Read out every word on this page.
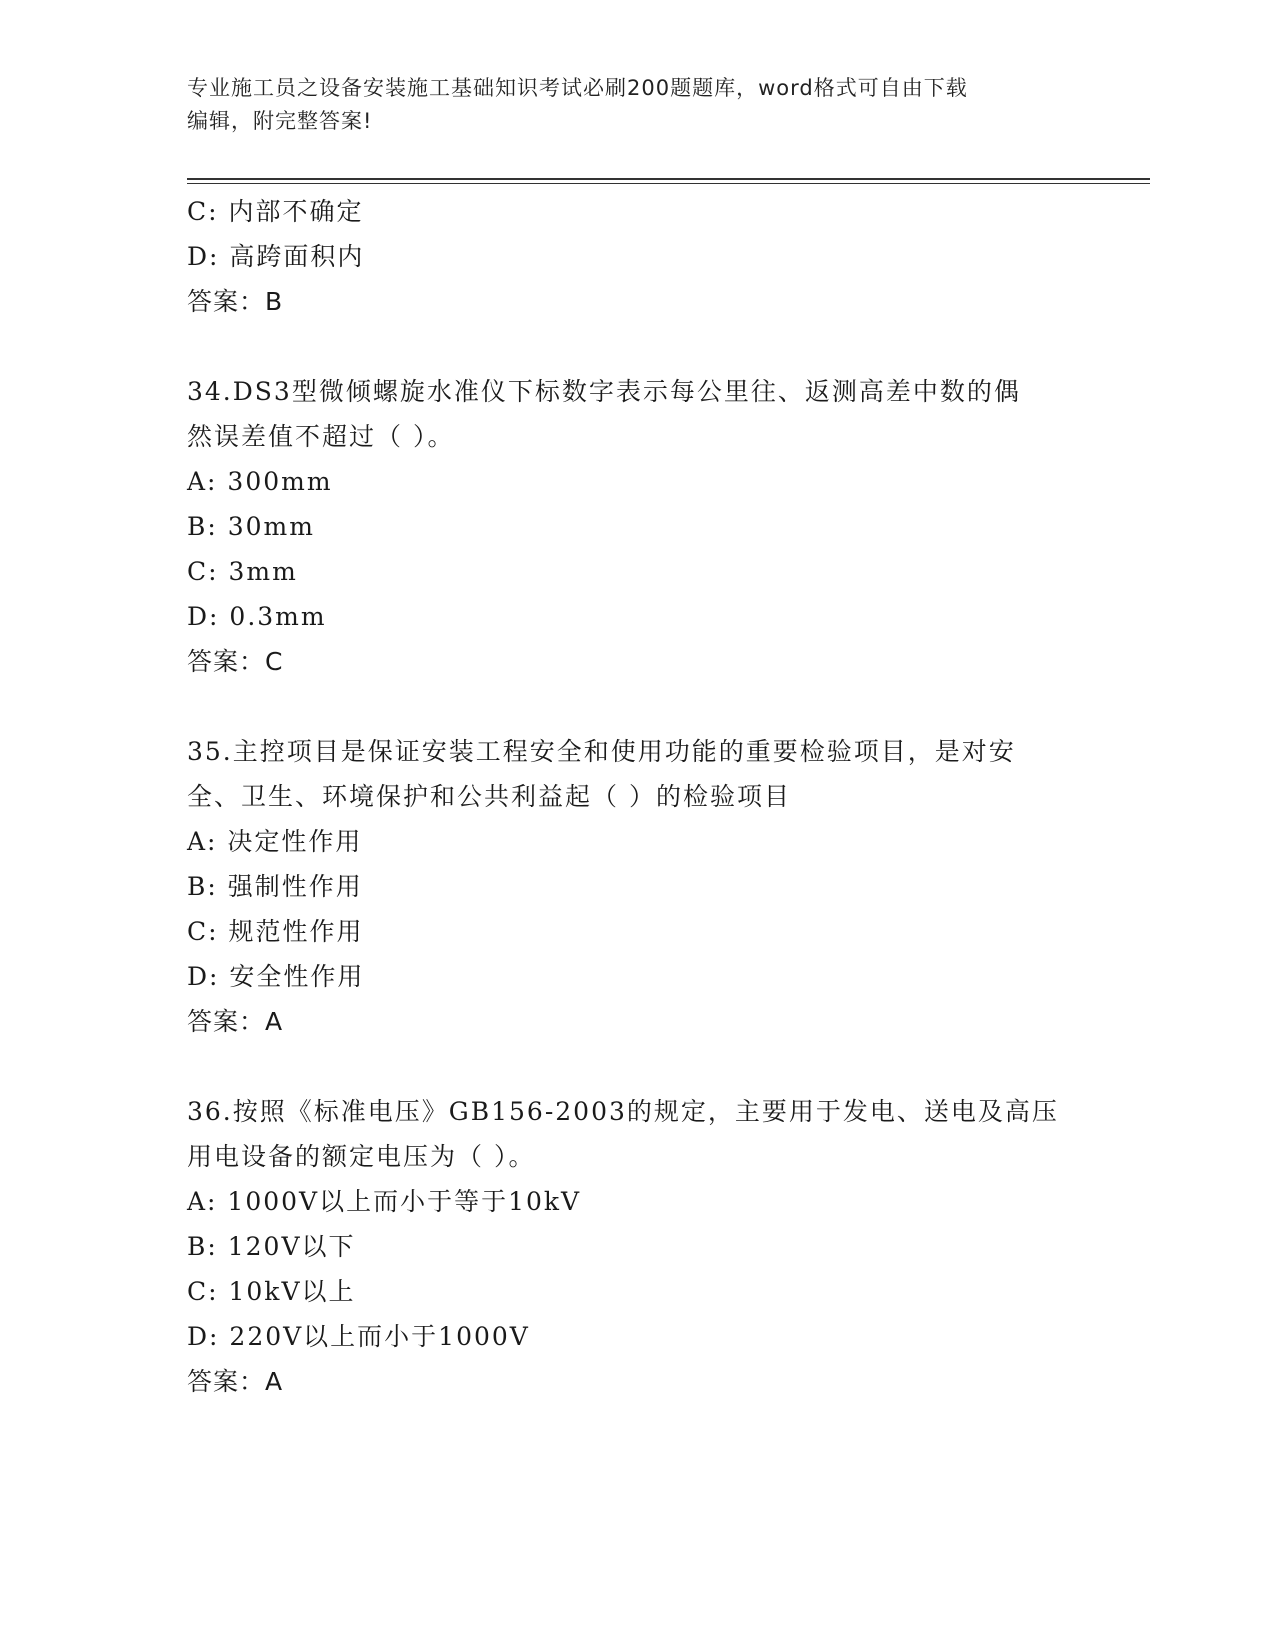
专业施工员之设备安装施工基础知识考试必刷200题题库，word格式可自由下载
编辑，附完整答案!
C: 内部不确定
D: 高跨面积内
答案：B
34.DS3型微倾螺旋水准仪下标数字表示每公里往、返测高差中数的偶
然误差值不超过（ ）。
A: 300mm
B: 30mm
C: 3mm
D: 0.3mm
答案：C
35.主控项目是保证安装工程安全和使用功能的重要检验项目，是对安
全、卫生、环境保护和公共利益起（ ）的检验项目
A: 决定性作用
B: 强制性作用
C: 规范性作用
D: 安全性作用
答案：A
36.按照《标准电压》GB156-2003的规定，主要用于发电、送电及高压
用电设备的额定电压为（ ）。
A: 1000V以上而小于等于10kV
B: 120V以下
C: 10kV以上
D: 220V以上而小于1000V
答案：A
